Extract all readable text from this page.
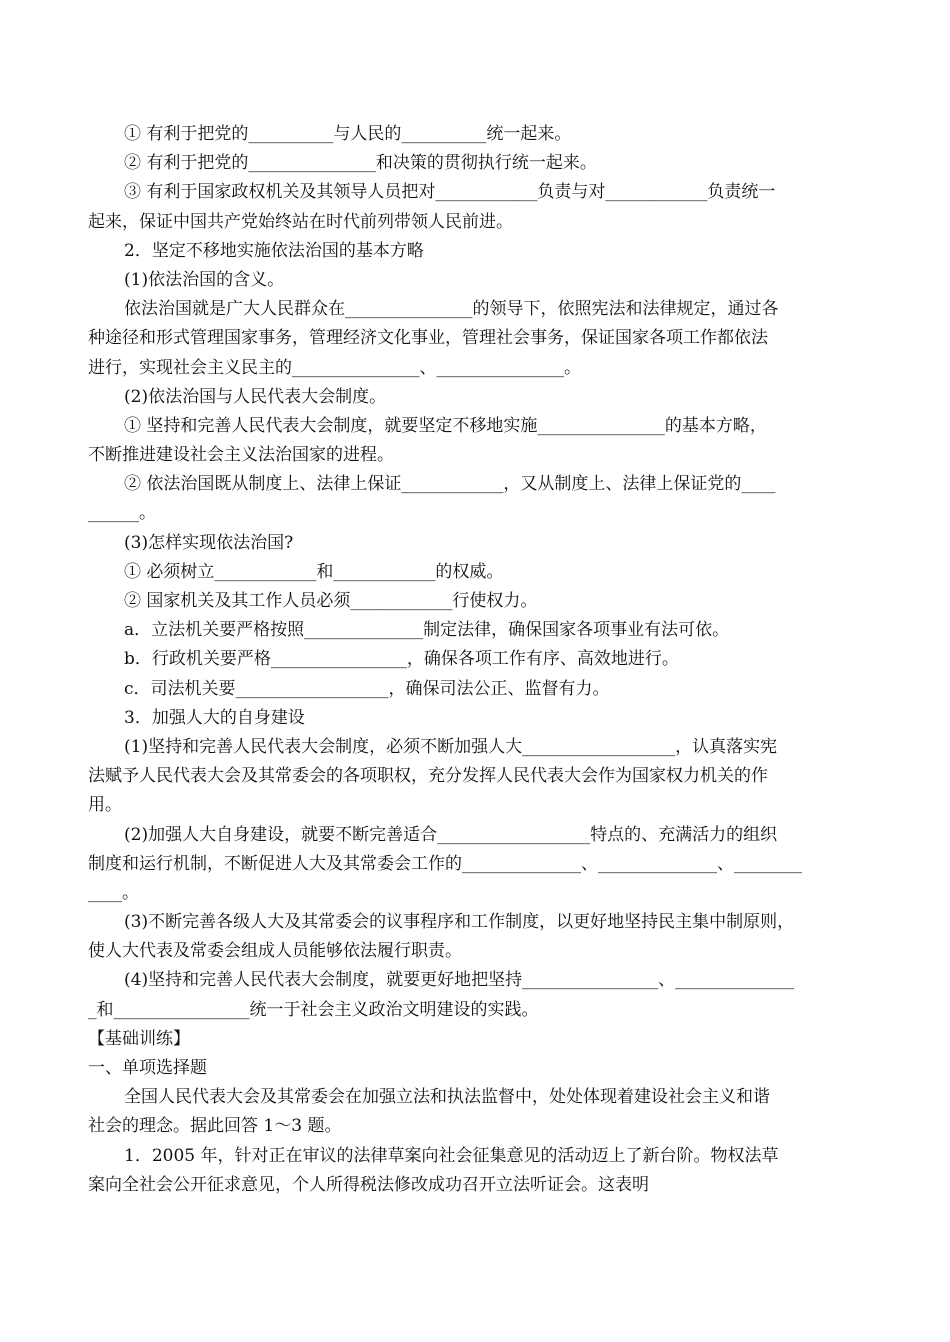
① 有利于把党的__________与人民的__________统一起来。
② 有利于把党的_______________和决策的贯彻执行统一起来。
③ 有利于国家政权机关及其领导人员把对____________负责与对____________负责统一
起来，保证中国共产党始终站在时代前列带领人民前进。
2．坚定不移地实施依法治国的基本方略
(1)依法治国的含义。
依法治国就是广大人民群众在_______________的领导下，依照宪法和法律规定，通过各
种途径和形式管理国家事务，管理经济文化事业，管理社会事务，保证国家各项工作都依法
进行，实现社会主义民主的_______________、_______________。
(2)依法治国与人民代表大会制度。
① 坚持和完善人民代表大会制度，就要坚定不移地实施_______________的基本方略，
不断推进建设社会主义法治国家的进程。
② 依法治国既从制度上、法律上保证____________，又从制度上、法律上保证党的____
______。
(3)怎样实现依法治国?
① 必须树立____________和____________的权威。
② 国家机关及其工作人员必须____________行使权力。
a．立法机关要严格按照______________制定法律，确保国家各项事业有法可依。
b．行政机关要严格________________，确保各项工作有序、高效地进行。
c．司法机关要__________________，确保司法公正、监督有力。
3．加强人大的自身建设
(1)坚持和完善人民代表大会制度，必须不断加强人大__________________，认真落实宪
法赋予人民代表大会及其常委会的各项职权，充分发挥人民代表大会作为国家权力机关的作
用。
(2)加强人大自身建设，就要不断完善适合__________________特点的、充满活力的组织
制度和运行机制，不断促进人大及其常委会工作的______________、______________、________
____。
(3)不断完善各级人大及其常委会的议事程序和工作制度，以更好地坚持民主集中制原则，
使人大代表及常委会组成人员能够依法履行职责。
(4)坚持和完善人民代表大会制度，就要更好地把坚持________________、______________
_和________________统一于社会主义政治文明建设的实践。
【基础训练】
一、单项选择题
全国人民代表大会及其常委会在加强立法和执法监督中，处处体现着建设社会主义和谐
社会的理念。据此回答 1～3 题。
1．2005 年，针对正在审议的法律草案向社会征集意见的活动迈上了新台阶。物权法草
案向全社会公开征求意见，个人所得税法修改成功召开立法听证会。这表明
